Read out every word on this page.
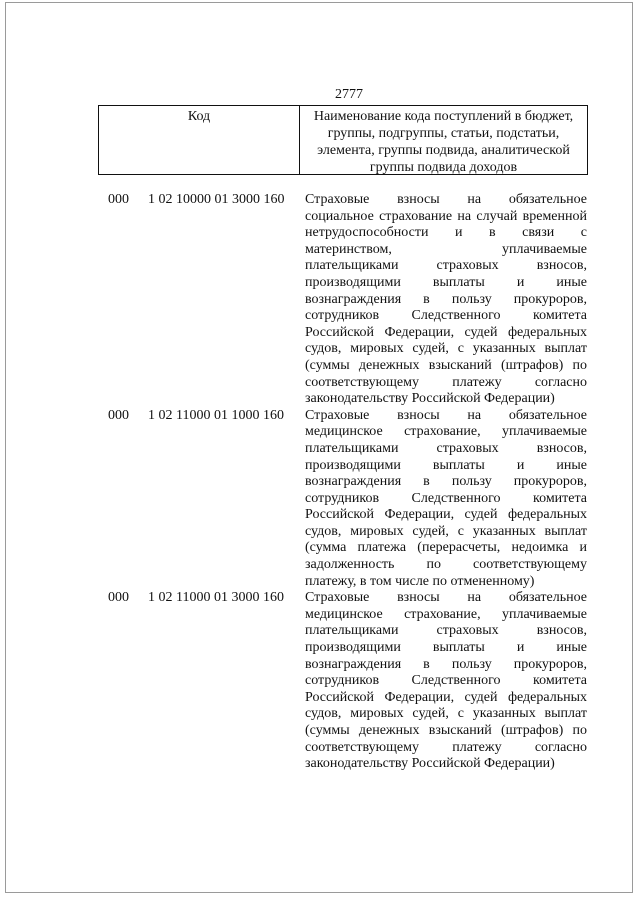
2777
Код	Наименование кода поступлений в бюджет,
группы, подгруппы, статьи, подстатьи,
элемента, группы подвида, аналитической
группы подвида доходов
000 1 02 10000 01 3000 160 Страховые взносы на обязательное
социальное страхование на случай временной
нетрудоспособности и в связи с
материнством, уплачиваемые
плательщиками страховых взносов,
производящими выплаты и иные
вознаграждения в пользу прокуроров,
сотрудников Следственного комитета
Российской Федерации, судей федеральных
судов, мировых судей, с указанных выплат
(суммы денежных взысканий (штрафов) по
соответствующему платежу согласно
законодательству Российской Федерации)
000 1 02 11000 01 1000 160 Страховые взносы на обязательное
медицинское страхование, уплачиваемые
плательщиками страховых взносов,
производящими выплаты и иные
вознаграждения в пользу прокуроров,
сотрудников Следственного комитета
Российской Федерации, судей федеральных
судов, мировых судей, с указанных выплат
(сумма платежа (перерасчеты, недоимка и
задолженность по соответствующему
платежу, в том числе по отмененному)
000 1 02 11000 01 3000 160 Страховые взносы на обязательное
медицинское страхование, уплачиваемые
плательщиками страховых взносов,
производящими выплаты и иные
вознаграждения в пользу прокуроров,
сотрудников Следственного комитета
Российской Федерации, судей федеральных
судов, мировых судей, с указанных выплат
(суммы денежных взысканий (штрафов) по
соответствующему платежу согласно
законодательству Российской Федерации)
